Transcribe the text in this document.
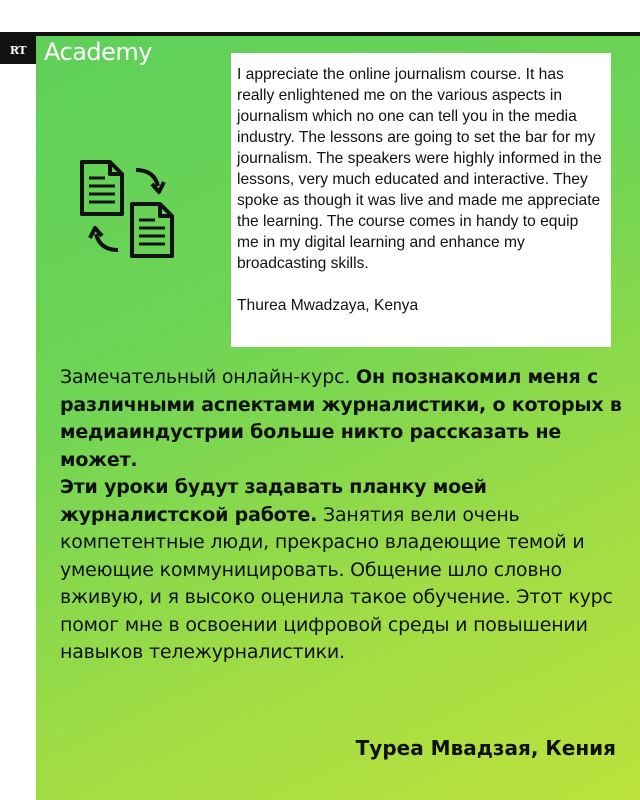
RT Academy
I appreciate the online journalism course. It has really enlightened me on the various aspects in journalism which no one can tell you in the media industry. The lessons are going to set the bar for my journalism. The speakers were highly informed in the lessons, very much educated and interactive. They spoke as though it was live and made me appreciate the learning. The course comes in handy to equip me in my digital learning and enhance my broadcasting skills.
Thurea Mwadzaya, Kenya
Замечательный онлайн-курс. Он познакомил меня с различными аспектами журналистики, о которых в медиаиндустрии больше никто рассказать не может.
Эти уроки будут задавать планку моей журналистской работе. Занятия вели очень компетентные люди, прекрасно владеющие темой и умеющие коммуницировать. Общение шло словно вживую, и я высоко оценила такое обучение. Этот курс помог мне в освоении цифровой среды и повышении навыков тележурналистики.
Туреа Мвадзая, Кения
